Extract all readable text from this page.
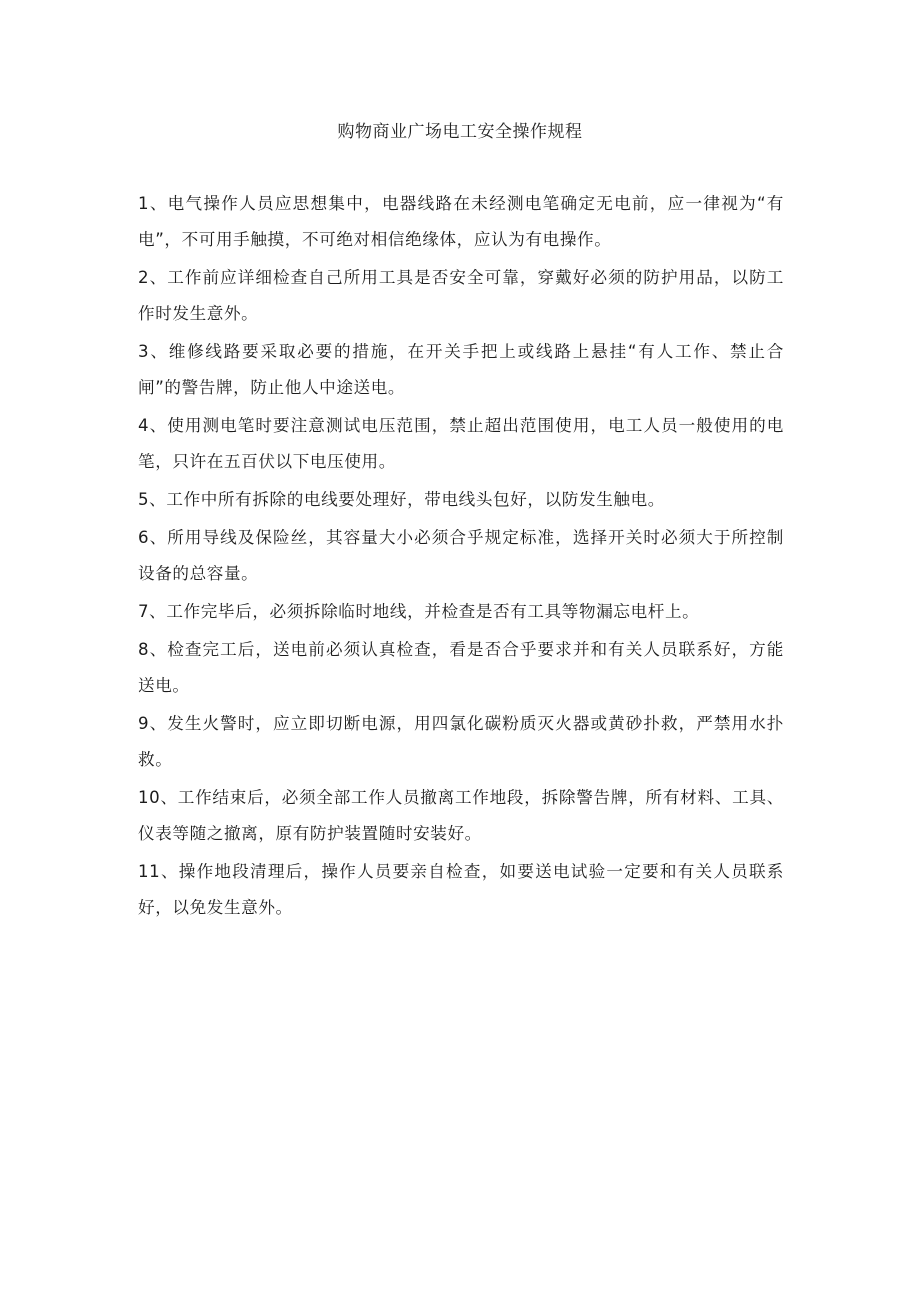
购物商业广场电工安全操作规程
1、电气操作人员应思想集中，电器线路在未经测电笔确定无电前，应一律视为“有电”，不可用手触摸，不可绝对相信绝缘体，应认为有电操作。
2、工作前应详细检查自己所用工具是否安全可靠，穿戴好必须的防护用品，以防工作时发生意外。
3、维修线路要采取必要的措施，在开关手把上或线路上悬挂“有人工作、禁止合闸”的警告牌，防止他人中途送电。
4、使用测电笔时要注意测试电压范围，禁止超出范围使用，电工人员一般使用的电笔，只许在五百伏以下电压使用。
5、工作中所有拆除的电线要处理好，带电线头包好，以防发生触电。
6、所用导线及保险丝，其容量大小必须合乎规定标准，选择开关时必须大于所控制设备的总容量。
7、工作完毕后，必须拆除临时地线，并检查是否有工具等物漏忘电杆上。
8、检查完工后，送电前必须认真检查，看是否合乎要求并和有关人员联系好，方能送电。
9、发生火警时，应立即切断电源，用四氯化碳粉质灭火器或黄砂扑救，严禁用水扑救。
10、工作结束后，必须全部工作人员撤离工作地段，拆除警告牌，所有材料、工具、仪表等随之撤离，原有防护装置随时安装好。
11、操作地段清理后，操作人员要亲自检查，如要送电试验一定要和有关人员联系好，以免发生意外。
